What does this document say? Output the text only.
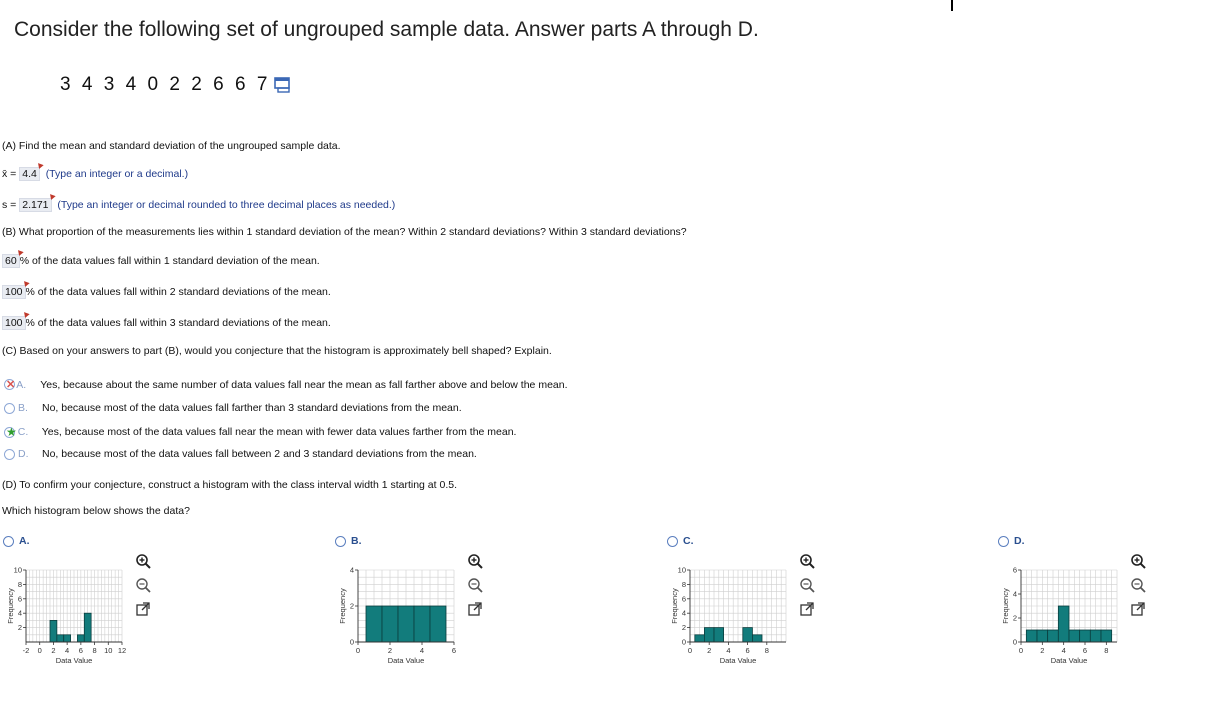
Consider the following set of ungrouped sample data. Answer parts A through D.
3 4 3 4 0 2 2 6 6 7
(A) Find the mean and standard deviation of the ungrouped sample data.
x̄ = 4.4 (Type an integer or a decimal.)
s = 2.171 (Type an integer or decimal rounded to three decimal places as needed.)
(B) What proportion of the measurements lies within 1 standard deviation of the mean? Within 2 standard deviations? Within 3 standard deviations?
60 % of the data values fall within 1 standard deviation of the mean.
100 % of the data values fall within 2 standard deviations of the mean.
100 % of the data values fall within 3 standard deviations of the mean.
(C) Based on your answers to part (B), would you conjecture that the histogram is approximately bell shaped? Explain.
✕ A.	Yes, because about the same number of data values fall near the mean as fall farther above and below the mean.
B.	No, because most of the data values fall farther than 3 standard deviations from the mean.
★ C.	Yes, because most of the data values fall near the mean with fewer data values farther from the mean.
D.	No, because most of the data values fall between 2 and 3 standard deviations from the mean.
(D) To confirm your conjecture, construct a histogram with the class interval width 1 starting at 0.5.
Which histogram below shows the data?
A.	B.	C.	D.
-2 0 2 4 6 8 10 12
2
4
6
8
10
Data Value
Frequency
0	2	4	6
0
2
4
Data Value
Frequency
0 2 4 6 8
0
2
4
6
8
10
Data Value
Frequency
0 2 4 6 8
0
2
4
6
Data Value
Frequency
